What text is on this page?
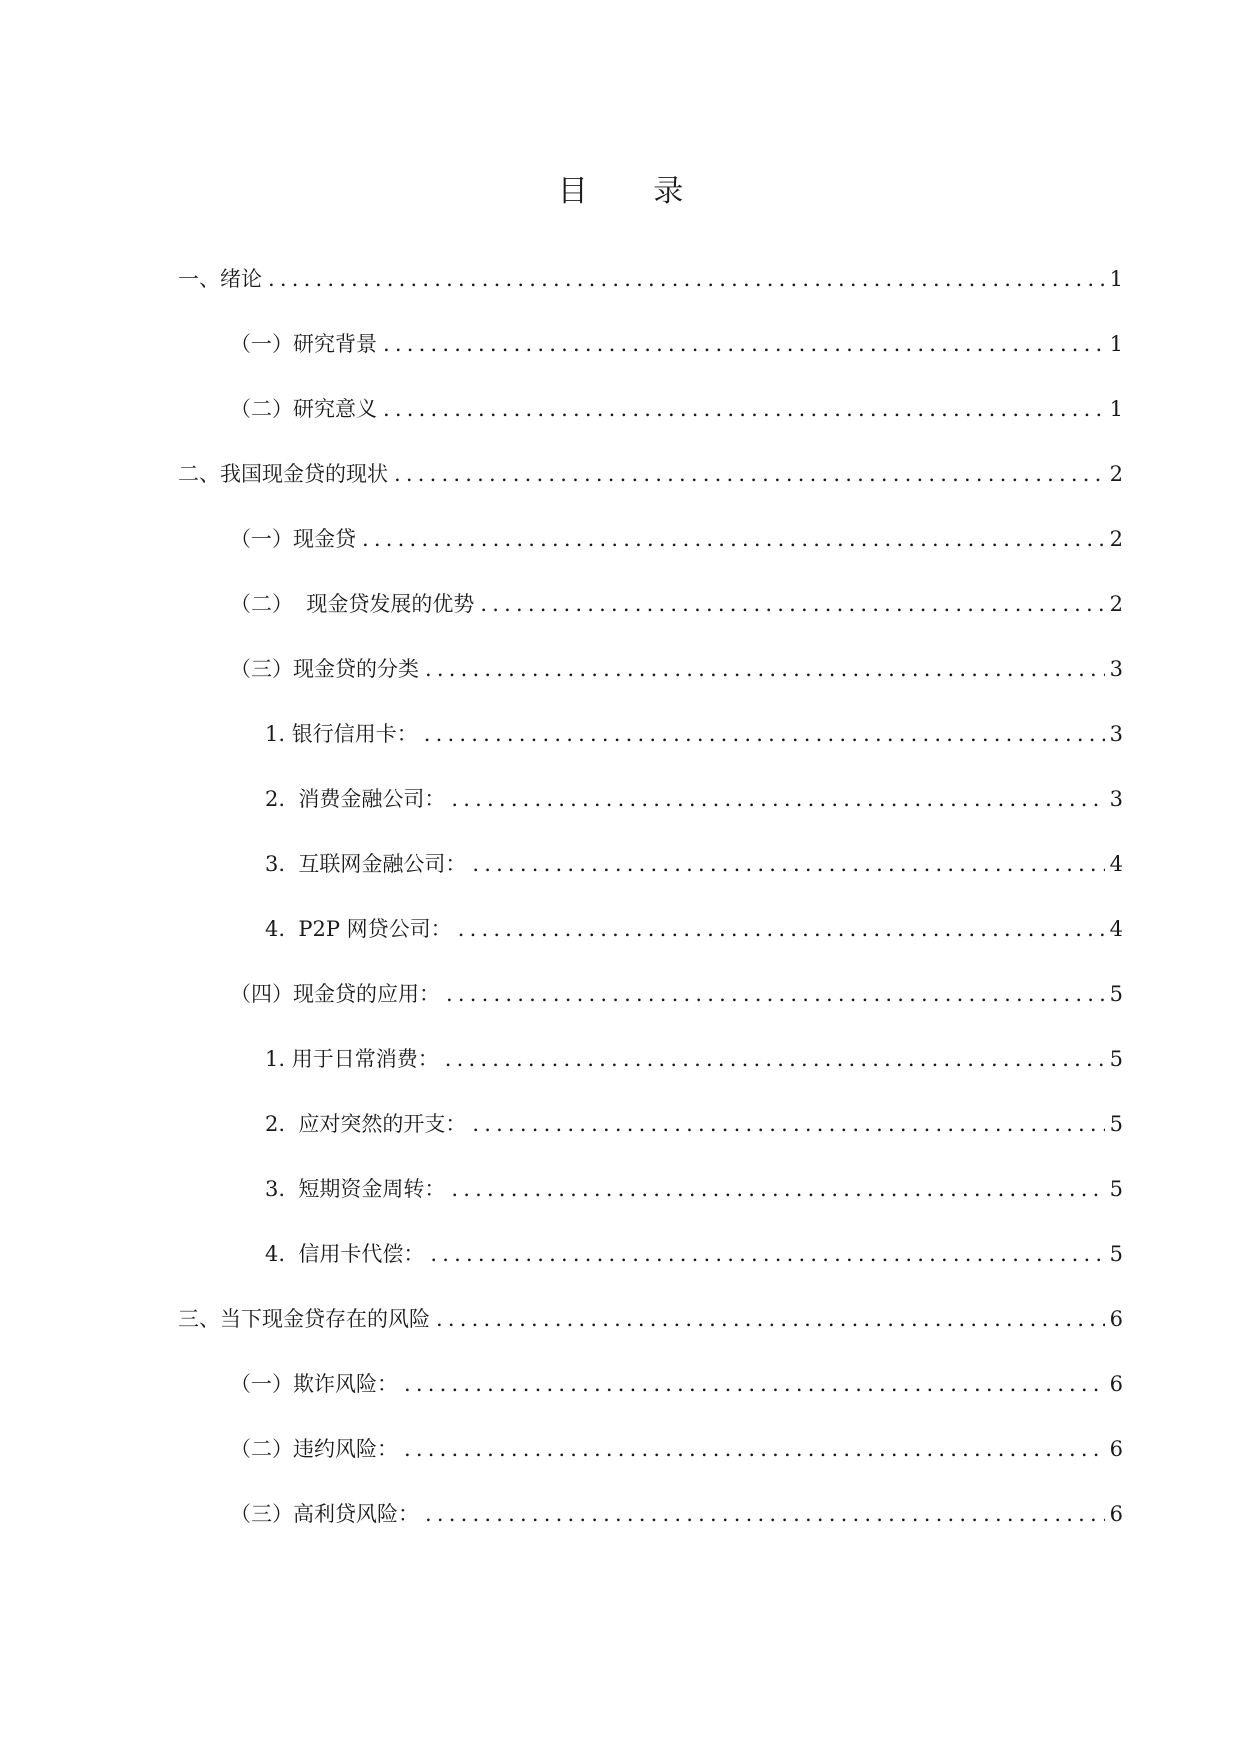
目 录
一、绪论 .....	1
（一）研究背景 .....	1
（二）研究意义 .....	1
二、我国现金贷的现状 .....	2
（一）现金贷 .....	2
（二）  现金贷发展的优势 .....	2
（三）现金贷的分类 .....	3
1. 银行信用卡： .....	3
2.  消费金融公司： .....	3
3.  互联网金融公司： .....	4
4.  P2P 网贷公司： .....	4
（四）现金贷的应用： .....	5
1. 用于日常消费： .....	5
2.  应对突然的开支： .....	5
3.  短期资金周转： .....	5
4.  信用卡代偿： .....	5
三、当下现金贷存在的风险 .....	6
（一）欺诈风险： .....	6
（二）违约风险： .....	6
（三）高利贷风险： .....	6
